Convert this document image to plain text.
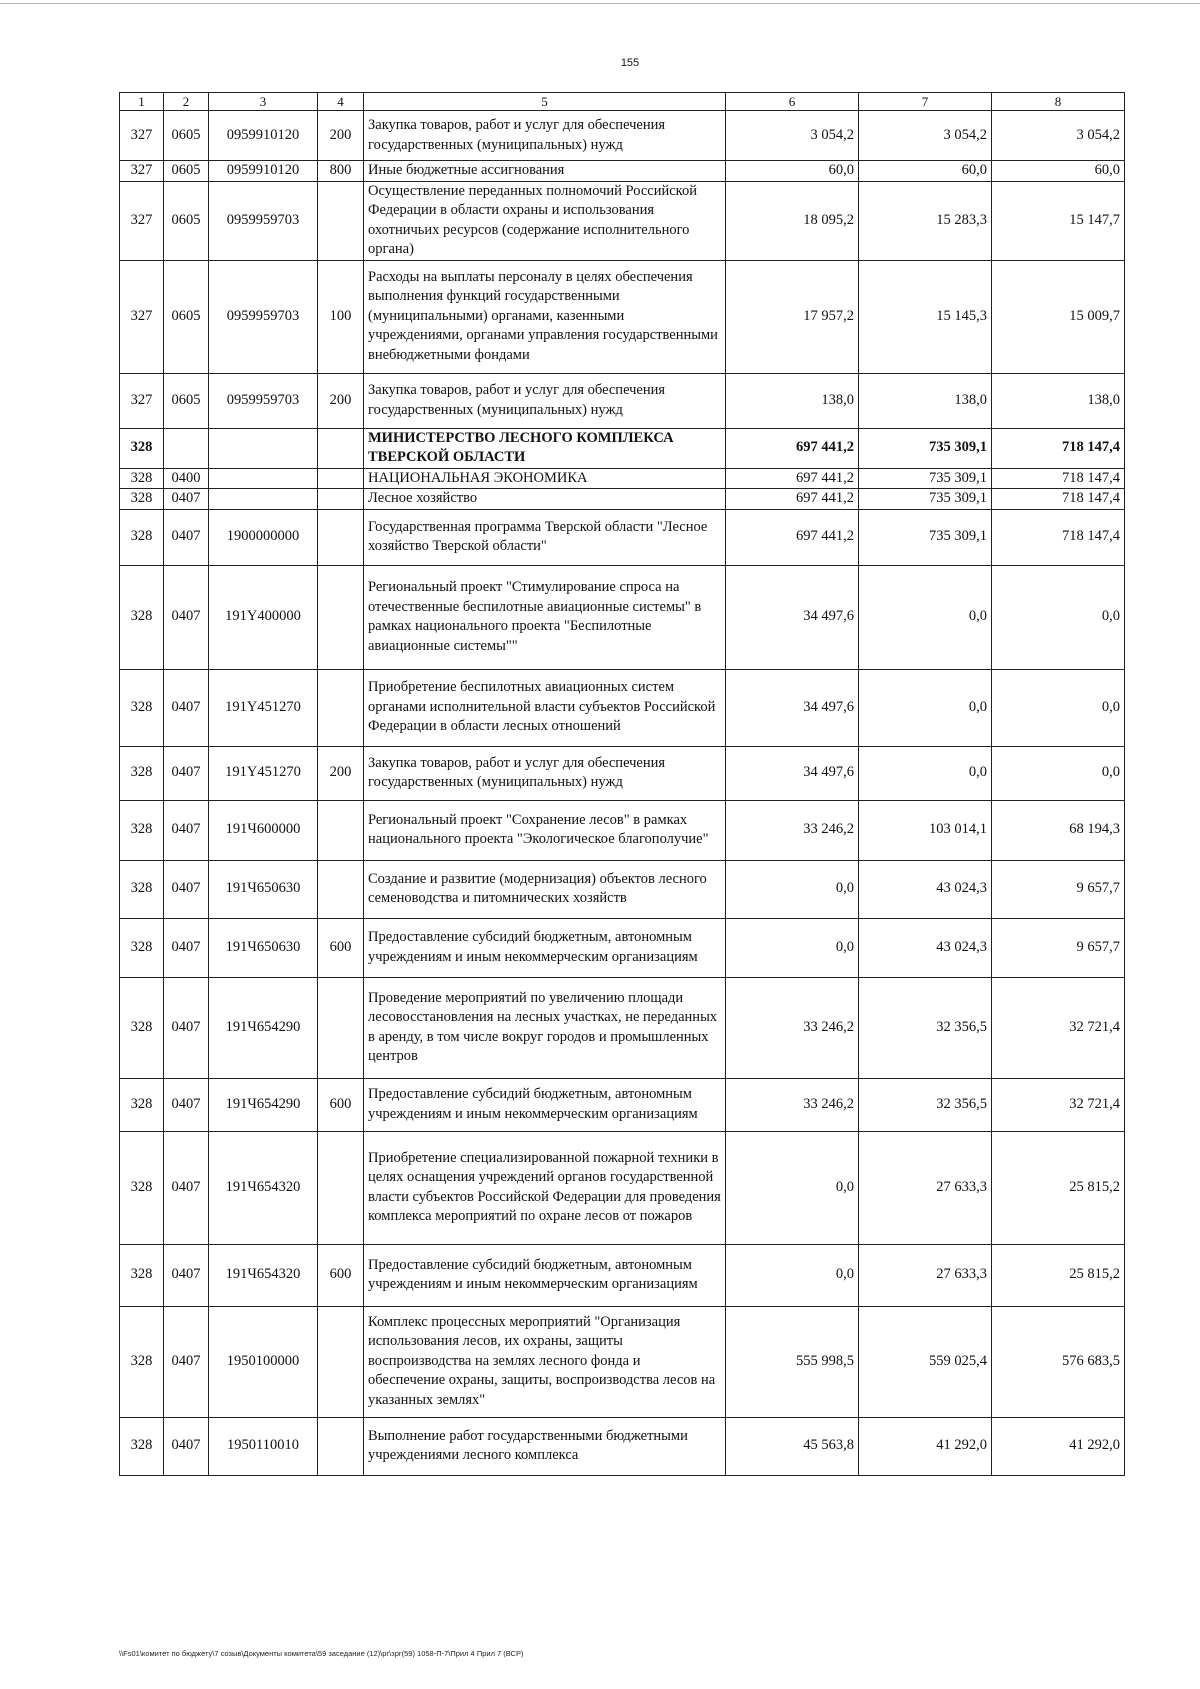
155
1	2	3	4	5	6	7	8
327	0605	0959910120	200	Закупка товаров, работ и услуг для обеспечения государственных (муниципальных) нужд	3 054,2	3 054,2	3 054,2
327	0605	0959910120	800	Иные бюджетные ассигнования	60,0	60,0	60,0
327	0605	0959959703		Осуществление переданных полномочий Российской Федерации в области охраны и использования охотничьих ресурсов (содержание исполнительного органа)	18 095,2	15 283,3	15 147,7
327	0605	0959959703	100	Расходы на выплаты персоналу в целях обеспечения выполнения функций государственными (муниципальными) органами, казенными учреждениями, органами управления государственными внебюджетными фондами	17 957,2	15 145,3	15 009,7
327	0605	0959959703	200	Закупка товаров, работ и услуг для обеспечения государственных (муниципальных) нужд	138,0	138,0	138,0
328				МИНИСТЕРСТВО ЛЕСНОГО КОМПЛЕКСА ТВЕРСКОЙ ОБЛАСТИ	697 441,2	735 309,1	718 147,4
328	0400			НАЦИОНАЛЬНАЯ ЭКОНОМИКА	697 441,2	735 309,1	718 147,4
328	0407			Лесное хозяйство	697 441,2	735 309,1	718 147,4
328	0407	1900000000		Государственная программа Тверской области "Лесное хозяйство Тверской области"	697 441,2	735 309,1	718 147,4
328	0407	191Y400000		Региональный проект "Стимулирование спроса на отечественные беспилотные авиационные системы" в рамках национального проекта "Беспилотные авиационные системы""	34 497,6	0,0	0,0
328	0407	191Y451270		Приобретение беспилотных авиационных систем органами исполнительной власти субъектов Российской Федерации в области лесных отношений	34 497,6	0,0	0,0
328	0407	191Y451270	200	Закупка товаров, работ и услуг для обеспечения государственных (муниципальных) нужд	34 497,6	0,0	0,0
328	0407	191Ч600000		Региональный проект "Сохранение лесов" в рамках национального проекта "Экологическое благополучие"	33 246,2	103 014,1	68 194,3
328	0407	191Ч650630		Создание и развитие (модернизация) объектов лесного семеноводства и питомнических хозяйств	0,0	43 024,3	9 657,7
328	0407	191Ч650630	600	Предоставление субсидий бюджетным, автономным учреждениям и иным некоммерческим организациям	0,0	43 024,3	9 657,7
328	0407	191Ч654290		Проведение мероприятий по увеличению площади лесовосстановления на лесных участках, не переданных в аренду, в том числе вокруг городов и промышленных центров	33 246,2	32 356,5	32 721,4
328	0407	191Ч654290	600	Предоставление субсидий бюджетным, автономным учреждениям и иным некоммерческим организациям	33 246,2	32 356,5	32 721,4
328	0407	191Ч654320		Приобретение специализированной пожарной техники в целях оснащения учреждений органов государственной власти субъектов Российской Федерации для проведения комплекса мероприятий по охране лесов от пожаров	0,0	27 633,3	25 815,2
328	0407	191Ч654320	600	Предоставление субсидий бюджетным, автономным учреждениям и иным некоммерческим организациям	0,0	27 633,3	25 815,2
328	0407	1950100000		Комплекс процессных мероприятий "Организация использования лесов, их охраны, защиты воспроизводства на землях лесного фонда и обеспечение охраны, защиты, воспроизводства лесов на указанных землях"	555 998,5	559 025,4	576 683,5
328	0407	1950110010		Выполнение работ государственными бюджетными учреждениями лесного комплекса	45 563,8	41 292,0	41 292,0
\\Fs01\комитет по бюджету\7 созыв\Документы комитета\59 заседание (12)\рг\зрг(59) 1058-П-7\Прил 4 Прил 7 (ВСР)
